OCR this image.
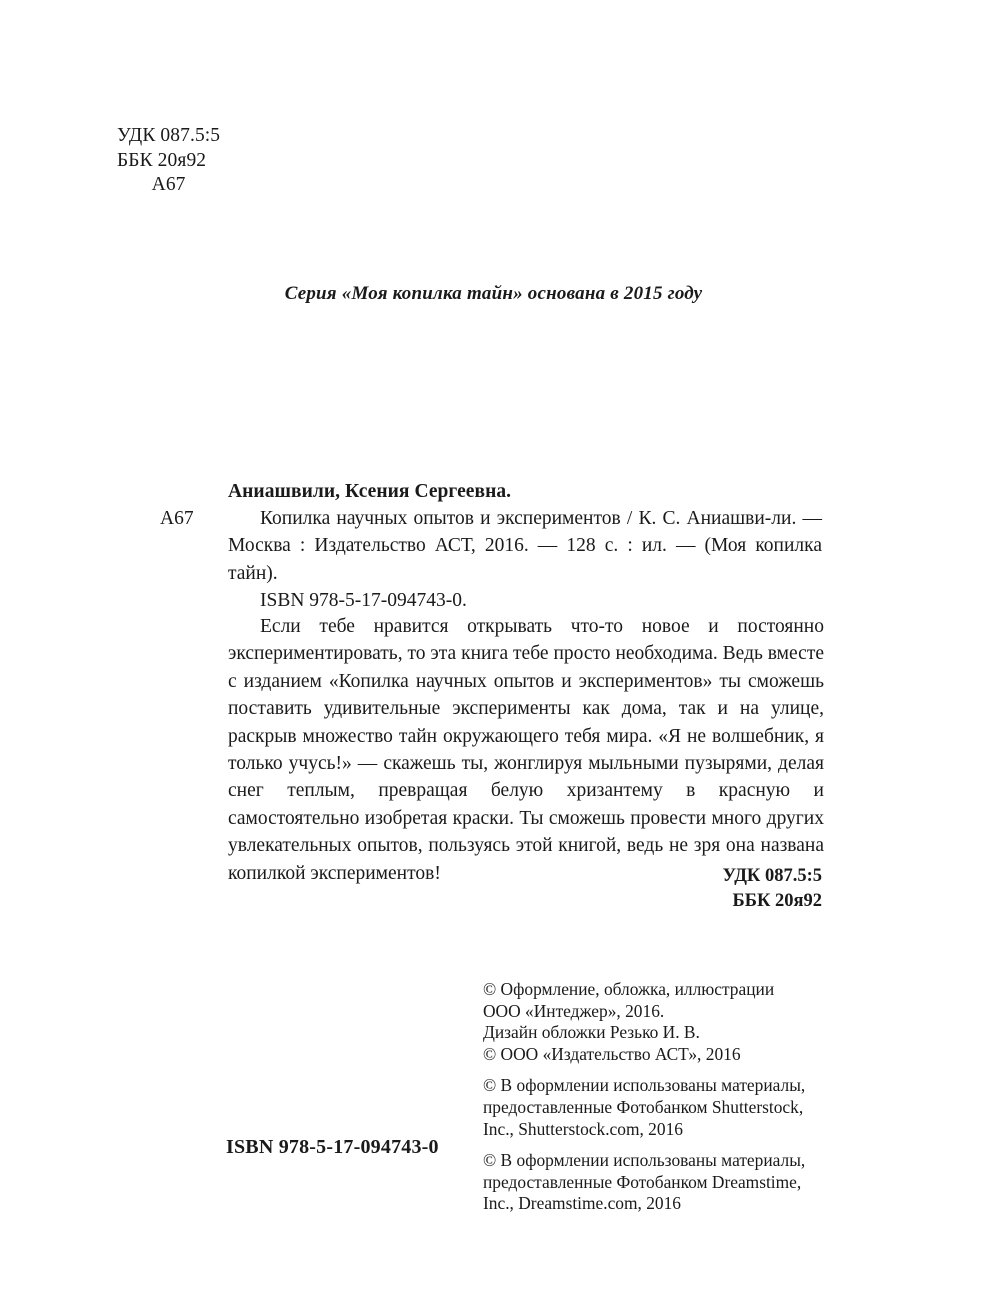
УДК 087.5:5
ББК 20я92
А67
Серия «Моя копилка тайн» основана в 2015 году
А67
Аниашвили, Ксения Сергеевна.
Копилка научных опытов и экспериментов / К. С. Аниашви-ли. — Москва : Издательство АСТ, 2016. — 128 с. : ил. — (Моя копилка тайн).
ISBN 978-5-17-094743-0.
Если тебе нравится открывать что-то новое и постоянно экспериментировать, то эта книга тебе просто необходима. Ведь вместе с изданием «Копилка научных опытов и экспериментов» ты сможешь поставить удивительные эксперименты как дома, так и на улице, раскрыв множество тайн окружающего тебя мира. «Я не волшебник, я только учусь!» — скажешь ты, жонглируя мыльными пузырями, делая снег теплым, превращая белую хризантему в красную и самостоятельно изобретая краски. Ты сможешь провести много других увлекательных опытов, пользуясь этой книгой, ведь не зря она названа копилкой экспериментов!	УДК 087.5:5
ББК 20я92
© Оформление, обложка, иллюстрации
ООО «Интеджер», 2016.
Дизайн обложки Резько И. В.
© ООО «Издательство АСТ», 2016
© В оформлении использованы материалы,
предоставленные Фотобанком Shutterstock,
Inc., Shutterstock.com, 2016
© В оформлении использованы материалы,
предоставленные Фотобанком Dreamstime,
Inc., Dreamstime.com, 2016
ISBN 978-5-17-094743-0
